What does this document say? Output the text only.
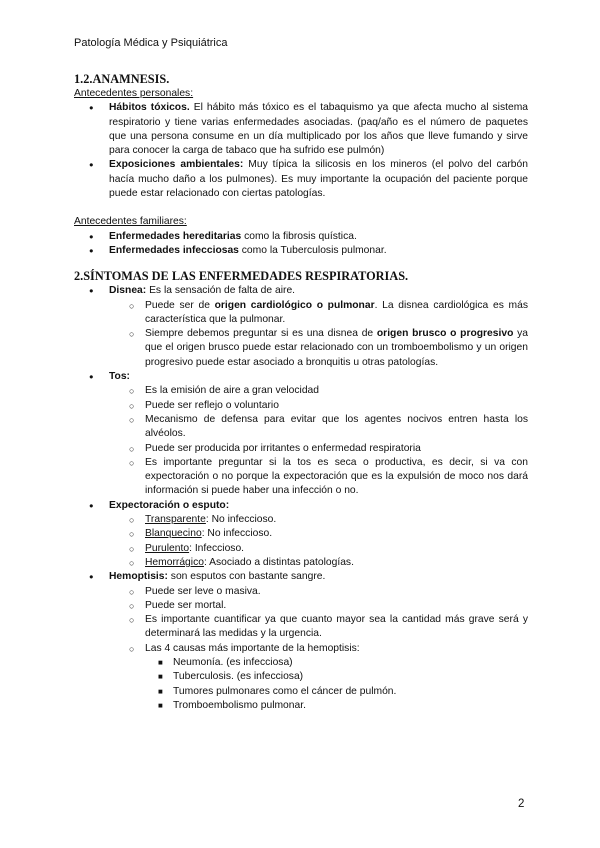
Patología Médica y Psiquiátrica
1.2.ANAMNESIS.
Antecedentes personales:
● Hábitos tóxicos. El hábito más tóxico es el tabaquismo ya que afecta mucho al sistema respiratorio y tiene varias enfermedades asociadas. (paq/año es el número de paquetes que una persona consume en un día multiplicado por los años que lleve fumando y sirve para conocer la carga de tabaco que ha sufrido ese pulmón)
● Exposiciones ambientales: Muy típica la silicosis en los mineros (el polvo del carbón hacía mucho daño a los pulmones). Es muy importante la ocupación del paciente porque puede estar relacionado con ciertas patologías.
Antecedentes familiares:
● Enfermedades hereditarias como la fibrosis quística.
● Enfermedades infecciosas como la Tuberculosis pulmonar.
2.SÍNTOMAS DE LAS ENFERMEDADES RESPIRATORIAS.
● Disnea: Es la sensación de falta de aire.
○ Puede ser de origen cardiológico o pulmonar. La disnea cardiológica es más característica que la pulmonar.
○ Siempre debemos preguntar si es una disnea de origen brusco o progresivo ya que el origen brusco puede estar relacionado con un tromboembolismo y un origen progresivo puede estar asociado a bronquitis u otras patologías.
● Tos:
○ Es la emisión de aire a gran velocidad
○ Puede ser reflejo o voluntario
○ Mecanismo de defensa para evitar que los agentes nocivos entren hasta los alvéolos.
○ Puede ser producida por irritantes o enfermedad respiratoria
○ Es importante preguntar si la tos es seca o productiva, es decir, si va con expectoración o no porque la expectoración que es la expulsión de moco nos dará información si puede haber una infección o no.
● Expectoración o esputo:
○ Transparente: No infeccioso.
○ Blanquecino: No infeccioso.
○ Purulento: Infeccioso.
○ Hemorrágico: Asociado a distintas patologías.
● Hemoptisis: son esputos con bastante sangre.
○ Puede ser leve o masiva.
○ Puede ser mortal.
○ Es importante cuantificar ya que cuanto mayor sea la cantidad más grave será y determinará las medidas y la urgencia.
○ Las 4 causas más importante de la hemoptisis:
■ Neumonía. (es infecciosa)
■ Tuberculosis. (es infecciosa)
■ Tumores pulmonares como el cáncer de pulmón.
■ Tromboembolismo pulmonar.
2
